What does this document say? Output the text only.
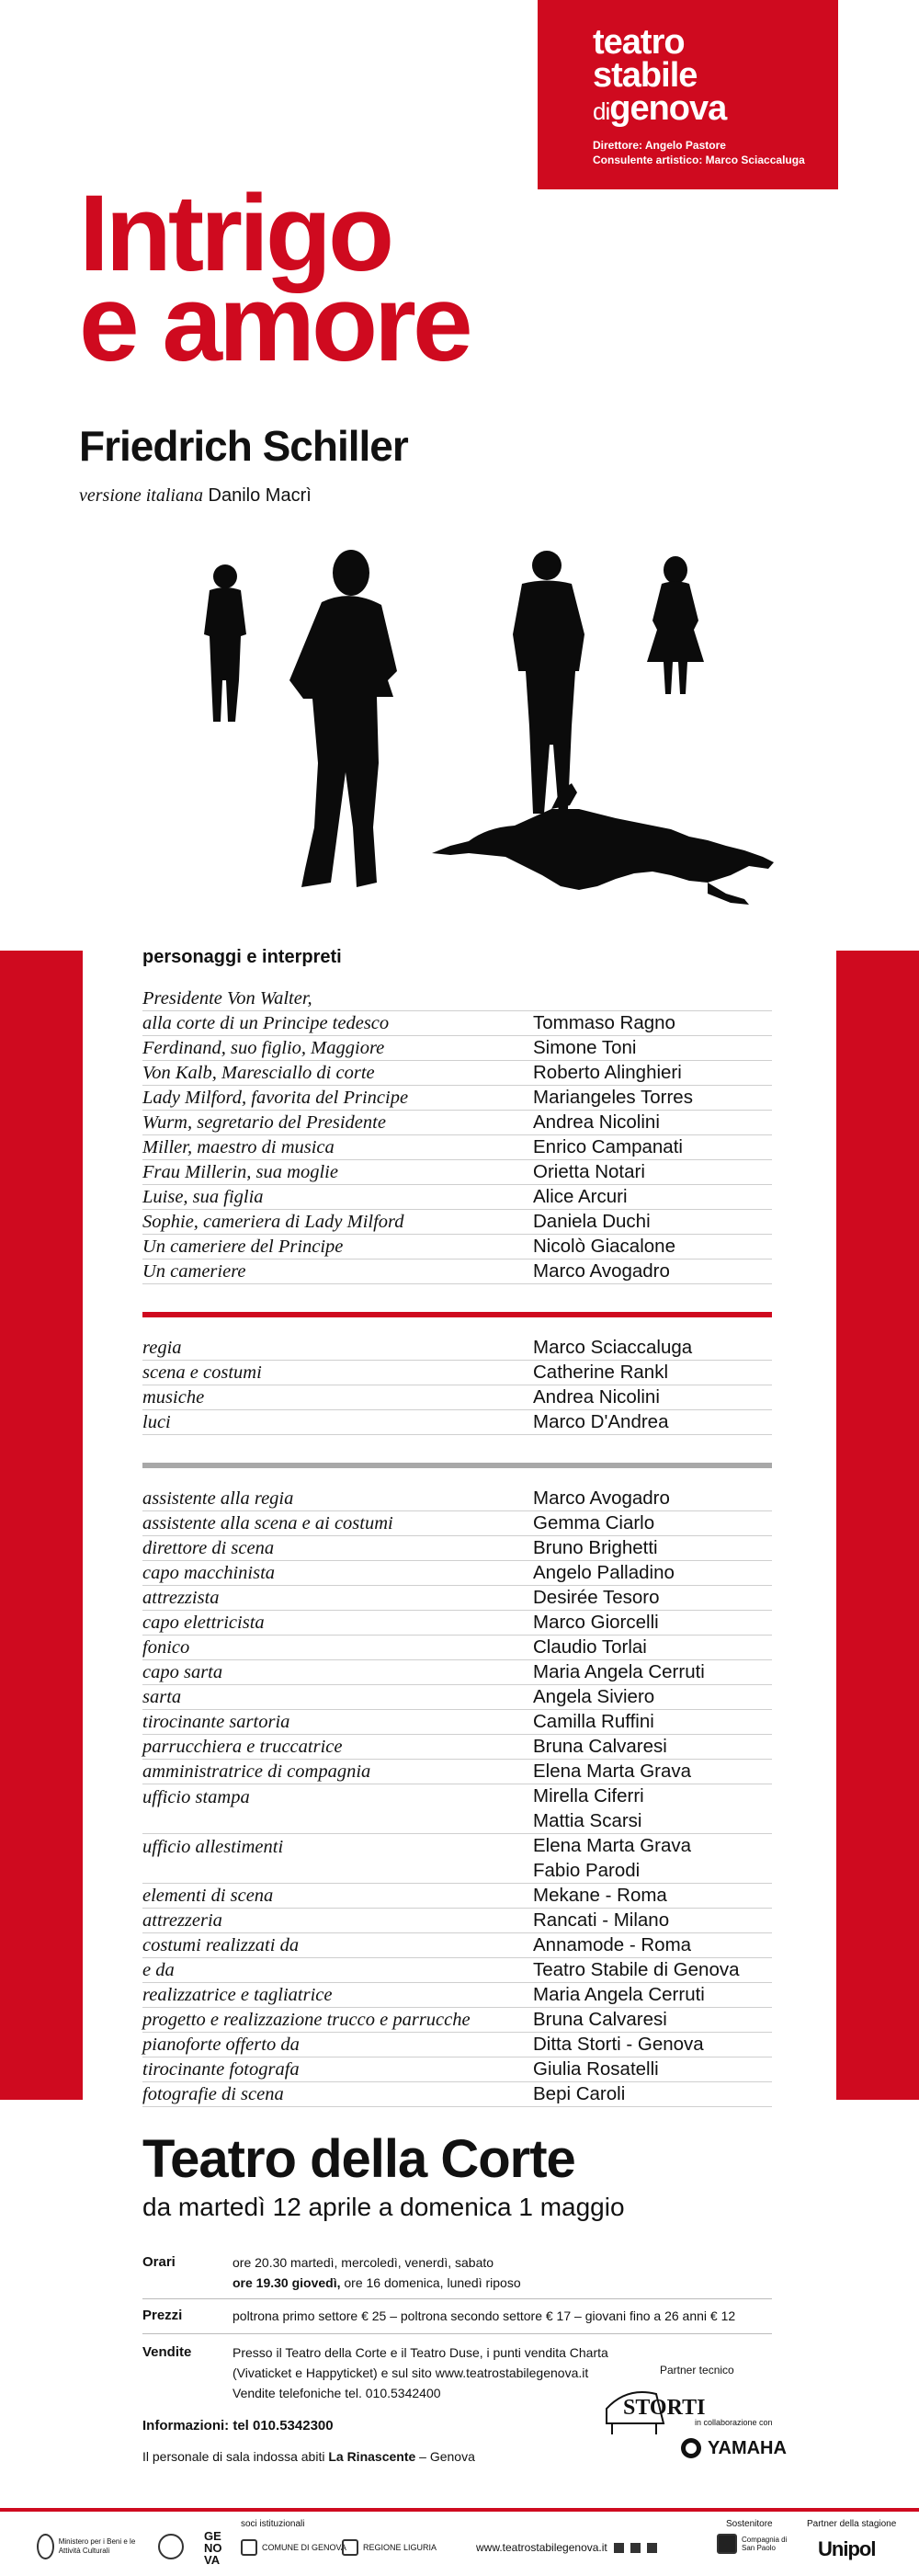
teatro
stabile
digenova
Direttore: Angelo Pastore
Consulente artistico: Marco Sciaccaluga
Intrigo
e amore
Friedrich Schiller
versione italiana Danilo Macrì
personaggi e interpreti
Presidente Von Walter,
alla corte di un Principe tedesco	Tommaso Ragno
Ferdinand, suo figlio, Maggiore	Simone Toni
Von Kalb, Maresciallo di corte	Roberto Alinghieri
Lady Milford, favorita del Principe	Mariangeles Torres
Wurm, segretario del Presidente	Andrea Nicolini
Miller, maestro di musica	Enrico Campanati
Frau Millerin, sua moglie	Orietta Notari
Luise, sua figlia	Alice Arcuri
Sophie, cameriera di Lady Milford	Daniela Duchi
Un cameriere del Principe	Nicolò Giacalone
Un cameriere	Marco Avogadro
regia	Marco Sciaccaluga
scena e costumi	Catherine Rankl
musiche	Andrea Nicolini
luci	Marco D'Andrea
assistente alla regia	Marco Avogadro
assistente alla scena e ai costumi	Gemma Ciarlo
direttore di scena	Bruno Brighetti
capo macchinista	Angelo Palladino
attrezzista	Desirée Tesoro
capo elettricista	Marco Giorcelli
fonico	Claudio Torlai
capo sarta	Maria Angela Cerruti
sarta	Angela Siviero
tirocinante sartoria	Camilla Ruffini
parrucchiera e truccatrice	Bruna Calvaresi
amministratrice di compagnia	Elena Marta Grava
ufficio stampa	Mirella Ciferri
Mattia Scarsi
ufficio allestimenti	Elena Marta Grava
Fabio Parodi
elementi di scena	Mekane - Roma
attrezzeria	Rancati - Milano
costumi realizzati da	Annamode - Roma
e da	Teatro Stabile di Genova
realizzatrice e tagliatrice	Maria Angela Cerruti
progetto e realizzazione trucco e parrucche	Bruna Calvaresi
pianoforte offerto da	Ditta Storti - Genova
tirocinante fotografa	Giulia Rosatelli
fotografie di scena	Bepi Caroli
Teatro della Corte
da martedì 12 aprile a domenica 1 maggio
Orari	ore 20.30 martedì, mercoledì, venerdì, sabato
ore 19.30 giovedì, ore 16 domenica, lunedì riposo
Prezzi	poltrona primo settore € 25 – poltrona secondo settore € 17 – giovani fino a 26 anni € 12
Vendite	Presso il Teatro della Corte e il Teatro Duse, i punti vendita Charta
(Vivaticket e Happyticket) e sul sito www.teatrostabilegenova.it
Vendite telefoniche tel. 010.5342400
Partner tecnico
STORTI
in collaborazione con
YAMAHA
Informazioni: tel 010.5342300
Il personale di sala indossa abiti La Rinascente – Genova
Ministero per i Beni e le Attività Culturali
GE
NO
VA
soci istituzionali
COMUNE DI GENOVA REGIONE LIGURIA	www.teatrostabilegenova.it
Sostenitore
Compagnia di San Paolo
Partner della stagione
Unipol
